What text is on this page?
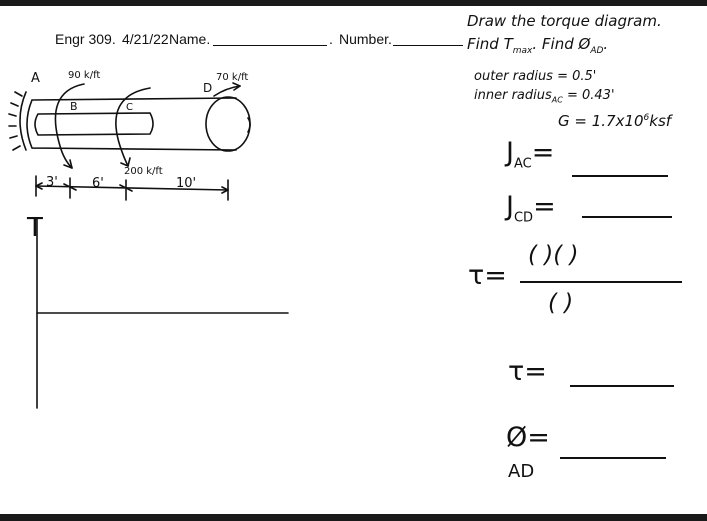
Engr 309. 4/21/22 Name.	. Number.
Draw the torque diagram.
Find $T_{max}$. Find $Ø_{AD}$.
outer radius = 0.5'
inner radius$_{AC}$ = 0.43'
$G = 1.7x10^6ksf$
A
B	C
D
90 k/ft
200 k/ft
70 k/ft
3'	6'	10'
T
$J_{AC}=$
$J_{CD}=$
τ=
( )( )
( )
τ=
Ø=
AD
